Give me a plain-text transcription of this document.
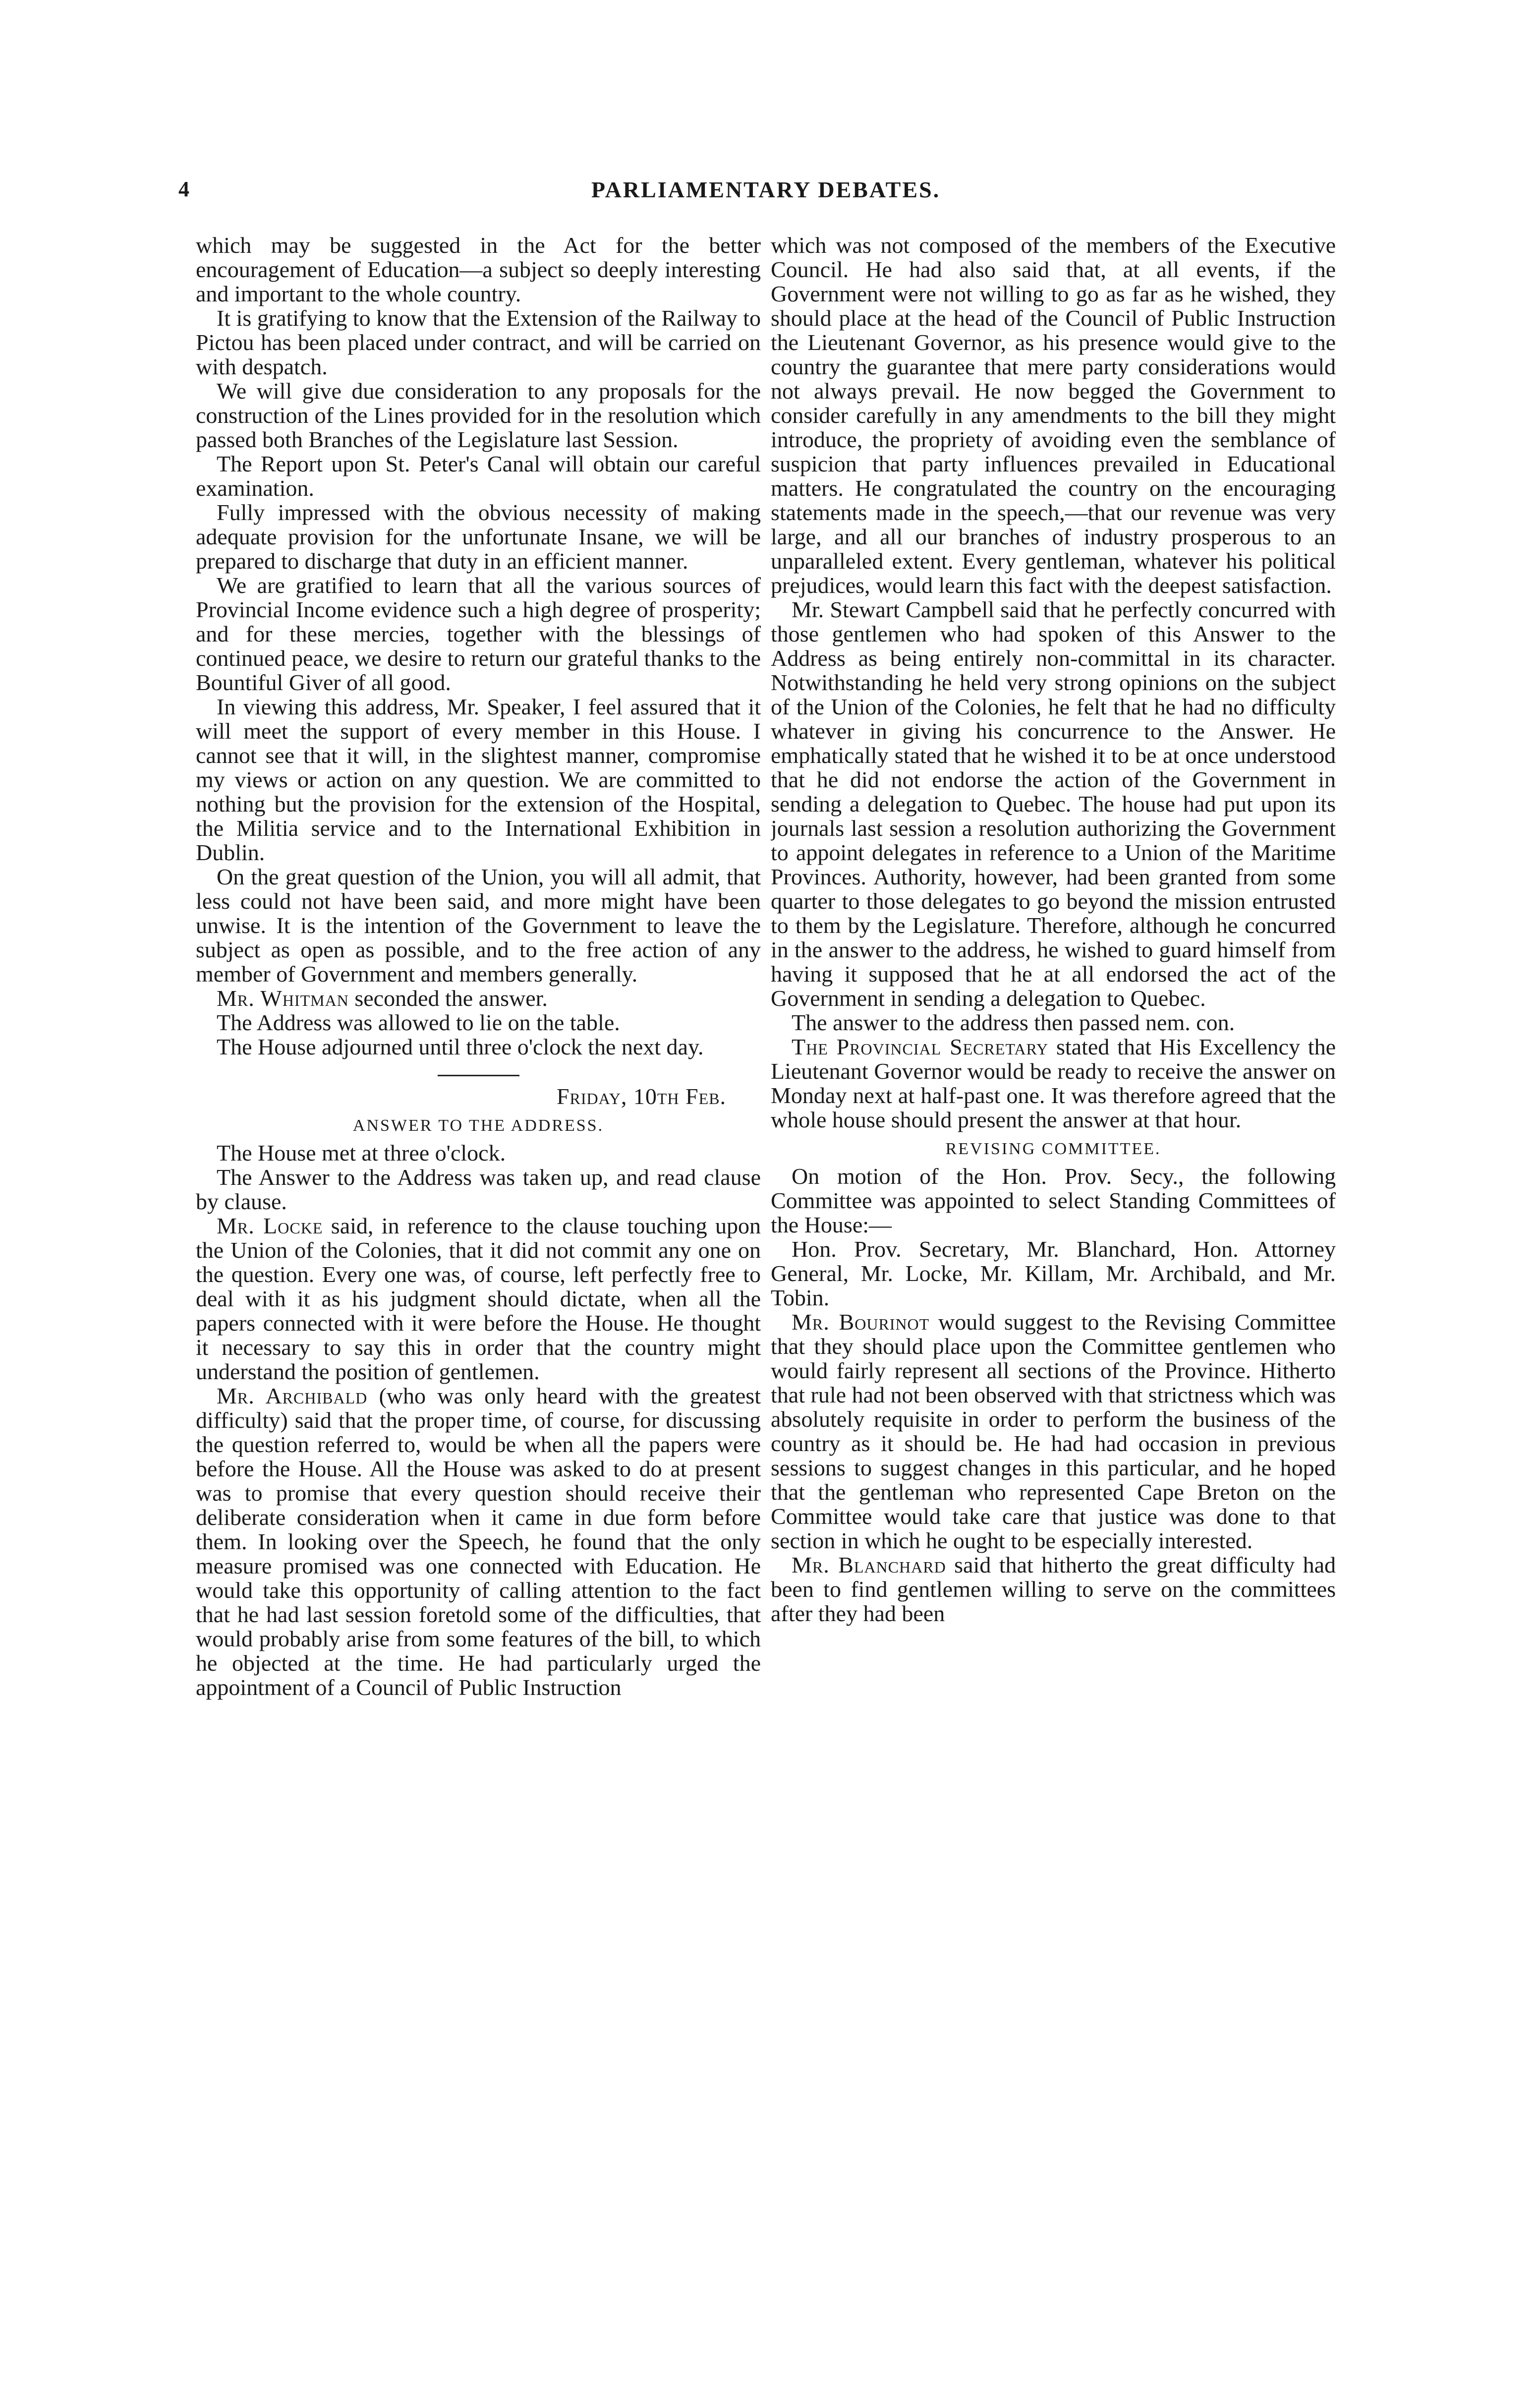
4	PARLIAMENTARY DEBATES.

which may be suggested in the Act for the better encouragement of Education—a subject so deeply interesting and important to the whole country.

It is gratifying to know that the Extension of the Railway to Pictou has been placed under contract, and will be carried on with despatch.

We will give due consideration to any proposals for the construction of the Lines provided for in the resolution which passed both Branches of the Legislature last Session.

The Report upon St. Peter's Canal will obtain our careful examination.

Fully impressed with the obvious necessity of making adequate provision for the unfortunate Insane, we will be prepared to discharge that duty in an efficient manner.

We are gratified to learn that all the various sources of Provincial Income evidence such a high degree of prosperity; and for these mercies, together with the blessings of continued peace, we desire to return our grateful thanks to the Bountiful Giver of all good.

In viewing this address, Mr. Speaker, I feel assured that it will meet the support of every member in this House. I cannot see that it will, in the slightest manner, compromise my views or action on any question. We are committed to nothing but the provision for the extension of the Hospital, the Militia service and to the International Exhibition in Dublin.

On the great question of the Union, you will all admit, that less could not have been said, and more might have been unwise. It is the intention of the Government to leave the subject as open as possible, and to the free action of any member of Government and members generally.

Mr. Whitman seconded the answer.

The Address was allowed to lie on the table.

The House adjourned until three o'clock the next day.

Friday, 10th Feb.
ANSWER TO THE ADDRESS.

The House met at three o'clock.

The Answer to the Address was taken up, and read clause by clause.

Mr. Locke said, in reference to the clause touching upon the Union of the Colonies, that it did not commit any one on the question. Every one was, of course, left perfectly free to deal with it as his judgment should dictate, when all the papers connected with it were before the House. He thought it necessary to say this in order that the country might understand the position of gentlemen.

Mr. Archibald (who was only heard with the greatest difficulty) said that the proper time, of course, for discussing the question referred to, would be when all the papers were before the House. All the House was asked to do at present was to promise that every question should receive their deliberate consideration when it came in due form before them. In looking over the Speech, he found that the only measure promised was one connected with Education. He would take this opportunity of calling attention to the fact that he had last session foretold some of the difficulties, that would probably arise from some features of the bill, to which he objected at the time. He had particularly urged the appointment of a Council of Public Instruction

which was not composed of the members of the Executive Council. He had also said that, at all events, if the Government were not willing to go as far as he wished, they should place at the head of the Council of Public Instruction the Lieutenant Governor, as his presence would give to the country the guarantee that mere party considerations would not always prevail. He now begged the Government to consider carefully in any amendments to the bill they might introduce, the propriety of avoiding even the semblance of suspicion that party influences prevailed in Educational matters. He congratulated the country on the encouraging statements made in the speech,—that our revenue was very large, and all our branches of industry prosperous to an unparalleled extent. Every gentleman, whatever his political prejudices, would learn this fact with the deepest satisfaction.

Mr. Stewart Campbell said that he perfectly concurred with those gentlemen who had spoken of this Answer to the Address as being entirely non-committal in its character. Notwithstanding he held very strong opinions on the subject of the Union of the Colonies, he felt that he had no difficulty whatever in giving his concurrence to the Answer. He emphatically stated that he wished it to be at once understood that he did not endorse the action of the Government in sending a delegation to Quebec. The house had put upon its journals last session a resolution authorizing the Government to appoint delegates in reference to a Union of the Maritime Provinces. Authority, however, had been granted from some quarter to those delegates to go beyond the mission entrusted to them by the Legislature. Therefore, although he concurred in the answer to the address, he wished to guard himself from having it supposed that he at all endorsed the act of the Government in sending a delegation to Quebec.

The answer to the address then passed nem. con.

The Provincial Secretary stated that His Excellency the Lieutenant Governor would be ready to receive the answer on Monday next at half-past one. It was therefore agreed that the whole house should present the answer at that hour.

REVISING COMMITTEE.

On motion of the Hon. Prov. Secy., the following Committee was appointed to select Standing Committees of the House:—

Hon. Prov. Secretary, Mr. Blanchard, Hon. Attorney General, Mr. Locke, Mr. Killam, Mr. Archibald, and Mr. Tobin.

Mr. Bourinot would suggest to the Revising Committee that they should place upon the Committee gentlemen who would fairly represent all sections of the Province. Hitherto that rule had not been observed with that strictness which was absolutely requisite in order to perform the business of the country as it should be. He had had occasion in previous sessions to suggest changes in this particular, and he hoped that the gentleman who represented Cape Breton on the Committee would take care that justice was done to that section in which he ought to be especially interested.

Mr. Blanchard said that hitherto the great difficulty had been to find gentlemen willing to serve on the committees after they had been
